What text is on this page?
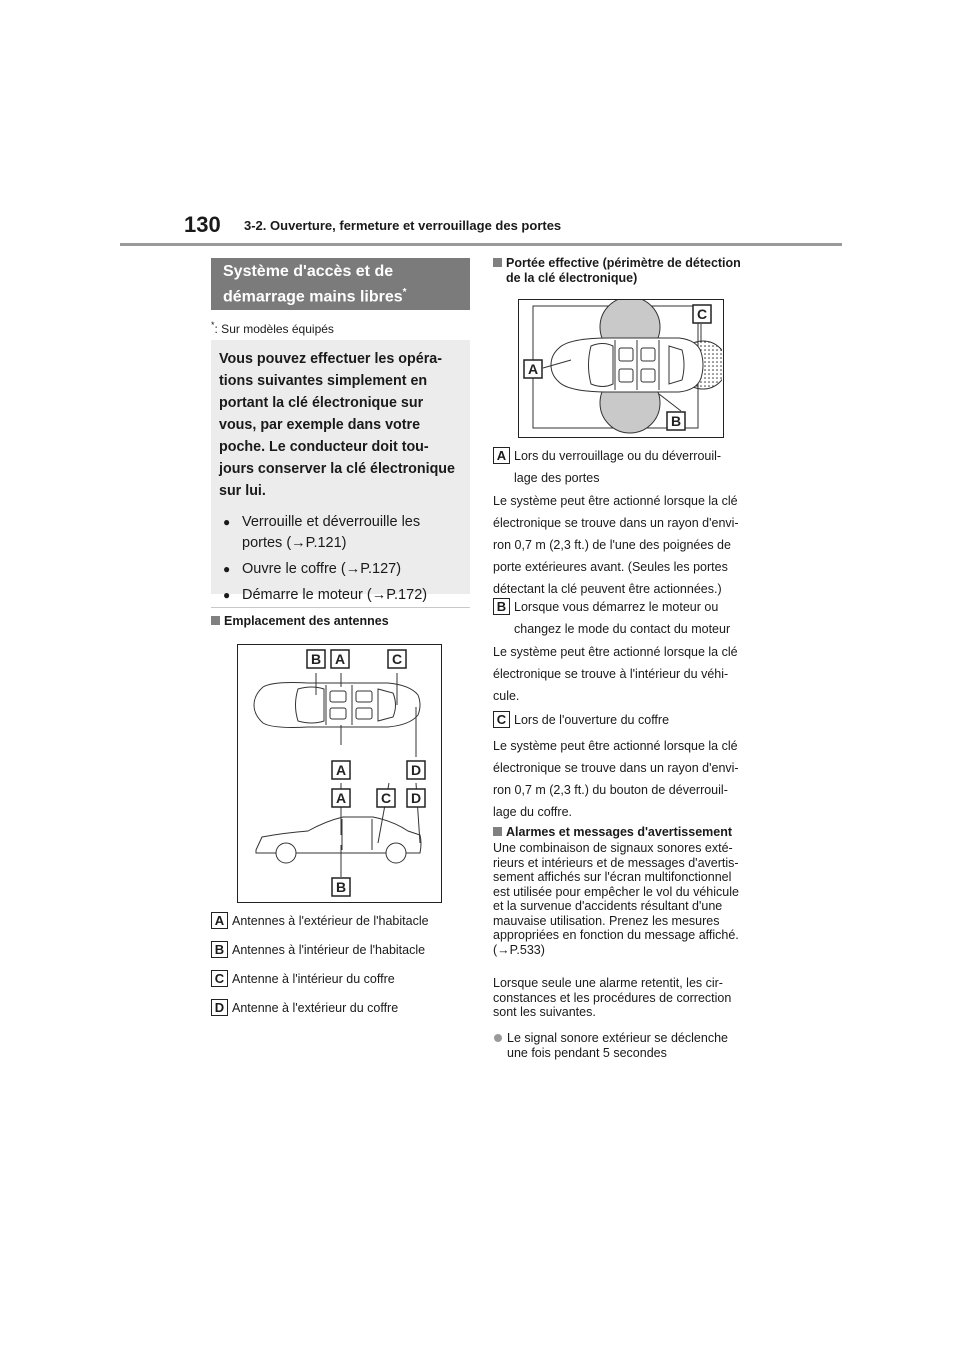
130 3-2. Ouverture, fermeture et verrouillage des portes
Système d'accès et de
démarrage mains libres*
*: Sur modèles équipés
Vous pouvez effectuer les opéra-
tions suivantes simplement en
portant la clé électronique sur
vous, par exemple dans votre
poche. Le conducteur doit tou-
jours conserver la clé électronique
sur lui.
● Verrouille et déverrouille les
portes (→P.121)
● Ouvre le coffre (→P.127)
● Démarre le moteur (→P.172)
Emplacement des antennes
B A	C
A	D
A C D
B
A Antennes à l'extérieur de l'habitacle
B Antennes à l'intérieur de l'habitacle
C Antenne à l'intérieur du coffre
D Antenne à l'extérieur du coffre
Portée effective (périmètre de détection
de la clé électronique)
A
B
C
A Lors du verrouillage ou du déverrouil-
lage des portes
Le système peut être actionné lorsque la clé
électronique se trouve dans un rayon d'envi-
ron 0,7 m (2,3 ft.) de l'une des poignées de
porte extérieures avant. (Seules les portes
détectant la clé peuvent être actionnées.)
B Lorsque vous démarrez le moteur ou
changez le mode du contact du moteur
Le système peut être actionné lorsque la clé
électronique se trouve à l'intérieur du véhi-
cule.
C Lors de l'ouverture du coffre
Le système peut être actionné lorsque la clé
électronique se trouve dans un rayon d'envi-
ron 0,7 m (2,3 ft.) du bouton de déverrouil-
lage du coffre.
Alarmes et messages d'avertissement
Une combinaison de signaux sonores exté-
rieurs et intérieurs et de messages d'avertis-
sement affichés sur l'écran multifonctionnel
est utilisée pour empêcher le vol du véhicule
et la survenue d'accidents résultant d'une
mauvaise utilisation. Prenez les mesures
appropriées en fonction du message affiché.
(→P.533)
Lorsque seule une alarme retentit, les cir-
constances et les procédures de correction
sont les suivantes.
Le signal sonore extérieur se déclenche
une fois pendant 5 secondes
